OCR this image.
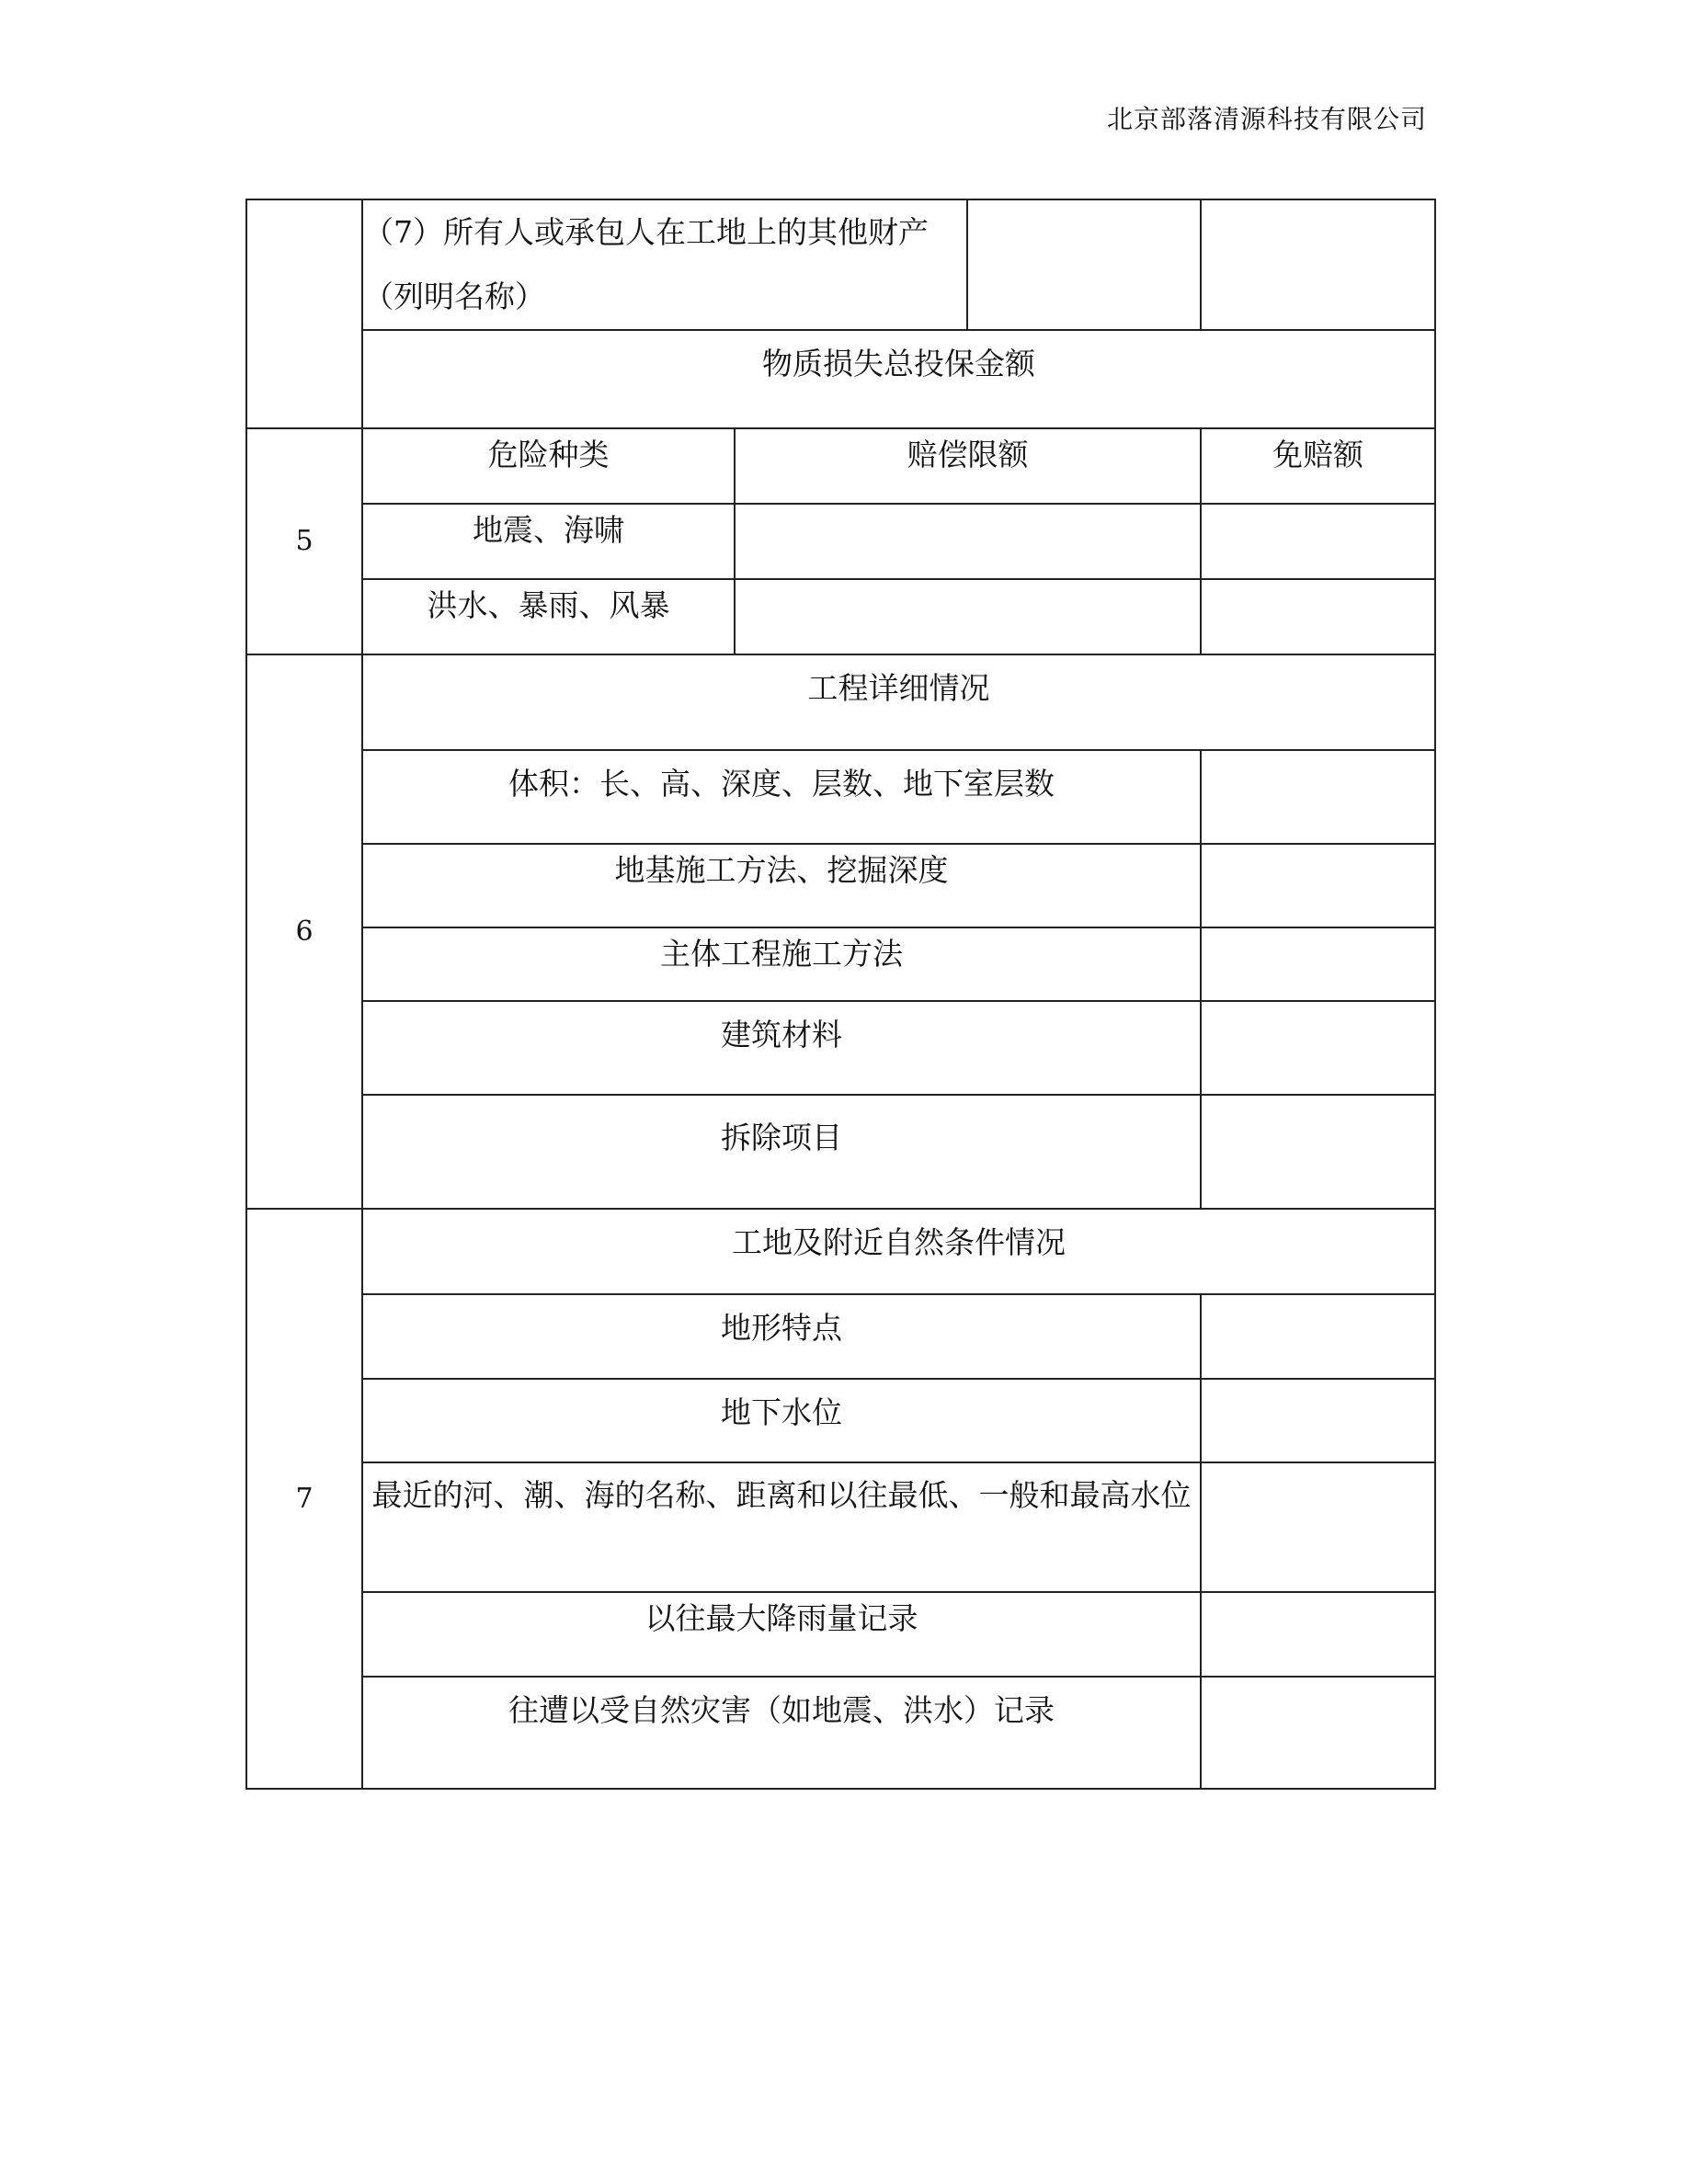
北京部落清源科技有限公司

	（7）所有人或承包人在工地上的其他财产（列明名称）			

	物质损失总投保金额			

5	危险种类	赔偿限额		免赔额

	地震、海啸			

	洪水、暴雨、风暴			

6	工程详细情况			

	体积：长、高、深度、层数、地下室层数			

	地基施工方法、挖掘深度			

	主体工程施工方法			

	建筑材料			

	拆除项目			

7	工地及附近自然条件情况			

	地形特点			

	地下水位			

	最近的河、潮、海的名称、距离和以往最低、一般和最高水位			

	以往最大降雨量记录			

	往遭以受自然灾害（如地震、洪水）记录			
